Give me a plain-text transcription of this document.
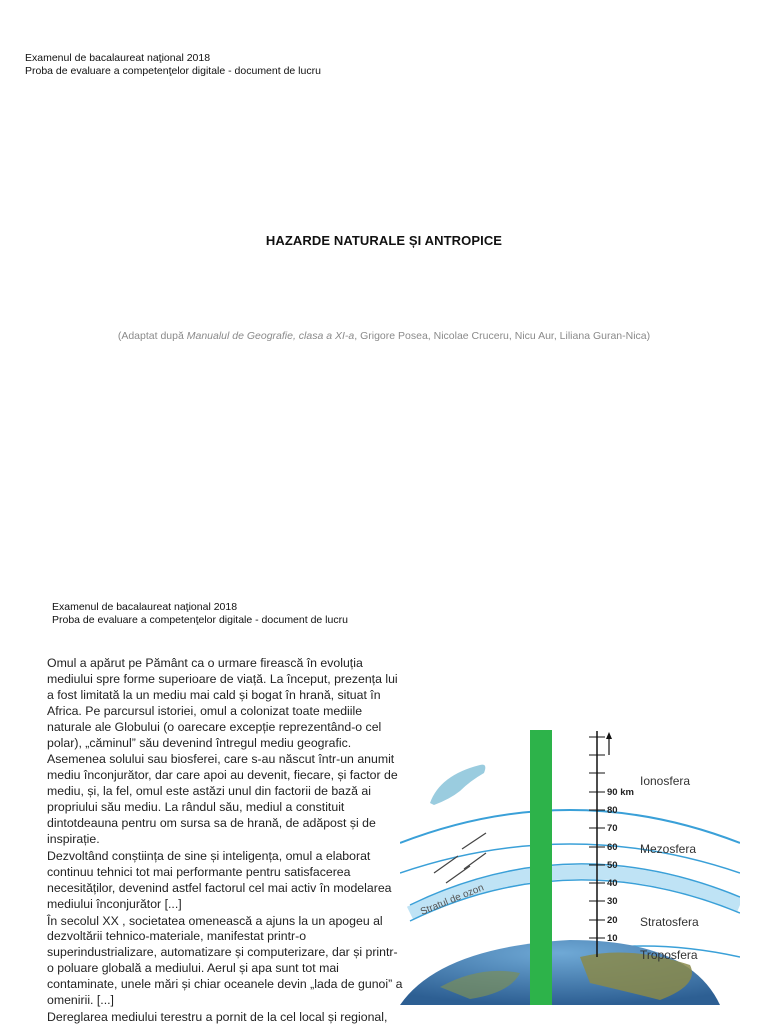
Examenul de bacalaureat naţional 2018
Proba de evaluare a competenţelor digitale - document de lucru
HAZARDE NATURALE ȘI ANTROPICE
(Adaptat după Manualul de Geografie, clasa a XI-a, Grigore Posea, Nicolae Cruceru, Nicu Aur, Liliana Guran-Nica)
Examenul de bacalaureat naţional 2018
Proba de evaluare a competenţelor digitale - document de lucru

Omul a apărut pe Pământ ca o urmare firească în evoluția mediului spre forme superioare de viață. La început, prezența lui a fost limitată la un mediu mai cald și bogat în hrană, situat în Africa. Pe parcursul istoriei, omul a colonizat toate mediile naturale ale Globului (o oarecare excepție reprezentând-o cel polar), „căminul” său devenind întregul mediu geografic.

Asemenea solului sau biosferei, care s-au născut într-un anumit mediu înconjurător, dar care apoi au devenit, fiecare, și factor de mediu, și, la fel, omul este astăzi unul din factorii de bază ai propriului său mediu. La rândul său, mediul a constituit dintotdeauna pentru om sursa sa de hrană, de adăpost și de inspirație.

Dezvoltând conștiința de sine și inteligența, omul a elaborat continuu tehnici tot mai performante pentru satisfacerea necesităților, devenind astfel factorul cel mai activ în modelarea mediului înconjurător [...]

În secolul XX , societatea omenească a ajuns la un apogeu al dezvoltării tehnico-materiale, manifestat printr-o superindustrializare, automatizare și computerizare, dar și printr-o poluare globală a mediului. Aerul și apa sunt tot mai contaminate, unele mări și chiar oceanele devin „lada de gunoi” a omenirii. [...]

Dereglarea mediului terestru a pornit de la cel local și regional,

Stratul de ozon
90 km
80
70
60
50
40
30
20
10
Ionosfera
Mezosfera
Stratosfera
Troposfera
